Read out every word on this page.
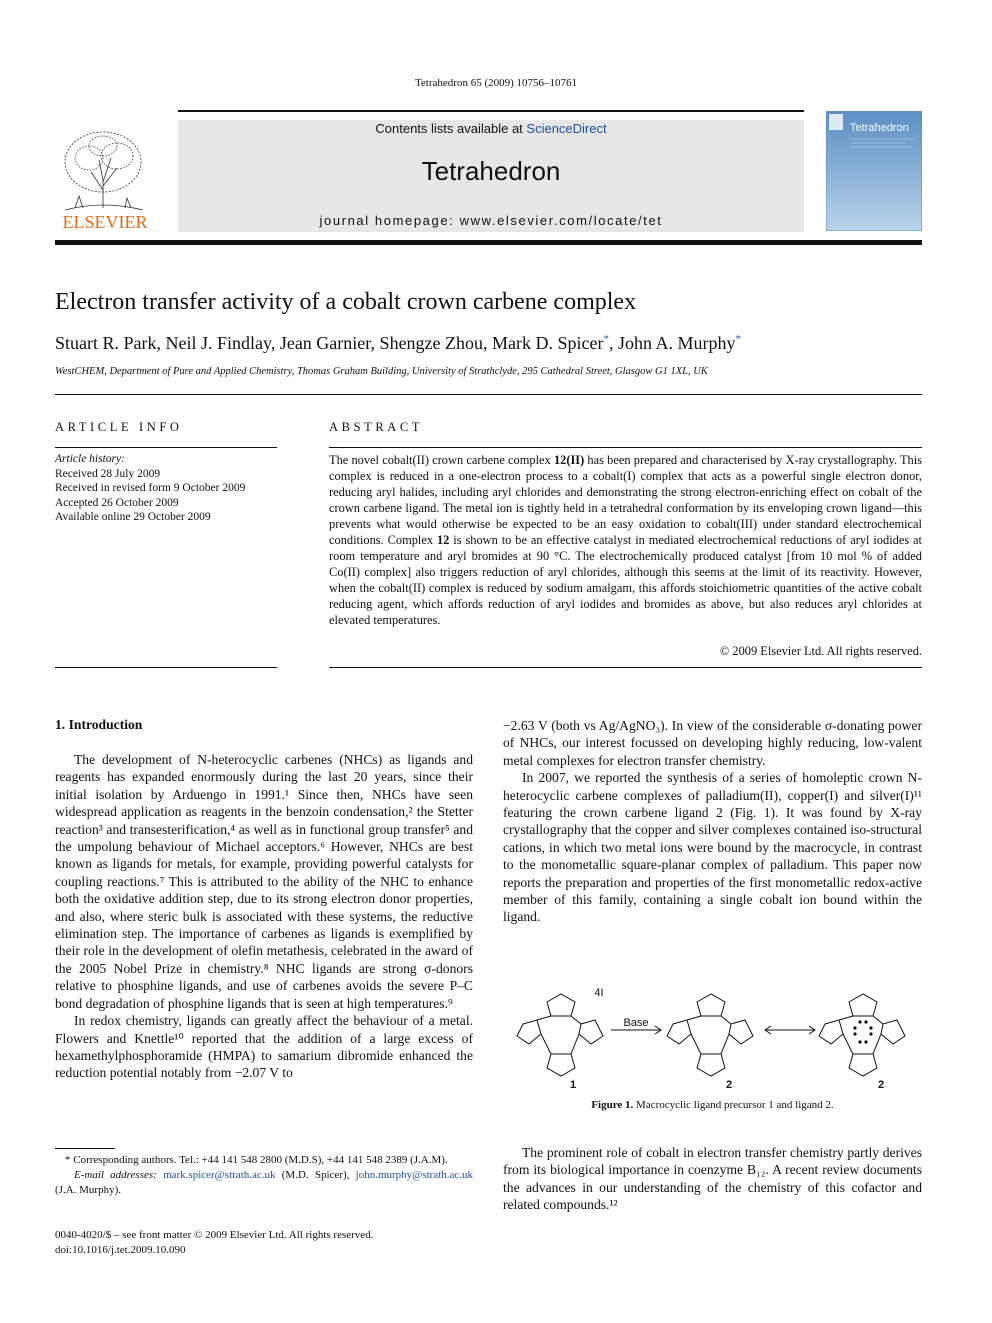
Tetrahedron 65 (2009) 10756–10761
ELSEVIER
Contents lists available at ScienceDirect
Tetrahedron
journal homepage: www.elsevier.com/locate/tet
Tetrahedron
Electron transfer activity of a cobalt crown carbene complex
Stuart R. Park, Neil J. Findlay, Jean Garnier, Shengze Zhou, Mark D. Spicer*, John A. Murphy*
WestCHEM, Department of Pure and Applied Chemistry, Thomas Graham Building, University of Strathclyde, 295 Cathedral Street, Glasgow G1 1XL, UK
ARTICLE INFO	ABSTRACT
Article history:
Received 28 July 2009
Received in revised form 9 October 2009
Accepted 26 October 2009
Available online 29 October 2009
The novel cobalt(II) crown carbene complex 12(II) has been prepared and characterised by X-ray crystallography. This complex is reduced in a one-electron process to a cobalt(I) complex that acts as a powerful single electron donor, reducing aryl halides, including aryl chlorides and demonstrating the strong electron-enriching effect on cobalt of the crown carbene ligand. The metal ion is tightly held in a tetrahedral conformation by its enveloping crown ligand—this prevents what would otherwise be expected to be an easy oxidation to cobalt(III) under standard electrochemical conditions. Complex 12 is shown to be an effective catalyst in mediated electrochemical reductions of aryl iodides at room temperature and aryl bromides at 90 °C. The electrochemically produced catalyst [from 10 mol % of added Co(II) complex] also triggers reduction of aryl chlorides, although this seems at the limit of its reactivity. However, when the cobalt(II) complex is reduced by sodium amalgam, this affords stoichiometric quantities of the active cobalt reducing agent, which affords reduction of aryl iodides and bromides as above, but also reduces aryl chlorides at elevated temperatures.
© 2009 Elsevier Ltd. All rights reserved.
1. Introduction

The development of N-heterocyclic carbenes (NHCs) as ligands and reagents has expanded enormously during the last 20 years, since their initial isolation by Arduengo in 1991.¹ Since then, NHCs have seen widespread application as reagents in the benzoin condensation,² the Stetter reaction³ and transesterification,⁴ as well as in functional group transfer⁵ and the umpolung behaviour of Michael acceptors.⁶ However, NHCs are best known as ligands for metals, for example, providing powerful catalysts for coupling reactions.⁷ This is attributed to the ability of the NHC to enhance both the oxidative addition step, due to its strong electron donor properties, and also, where steric bulk is associated with these systems, the reductive elimination step. The importance of carbenes as ligands is exemplified by their role in the development of olefin metathesis, celebrated in the award of the 2005 Nobel Prize in chemistry.⁸ NHC ligands are strong σ-donors relative to phosphine ligands, and use of carbenes avoids the severe P–C bond degradation of phosphine ligands that is seen at high temperatures.⁹

In redox chemistry, ligands can greatly affect the behaviour of a metal. Flowers and Knettle¹⁰ reported that the addition of a large excess of hexamethylphosphoramide (HMPA) to samarium dibromide enhanced the reduction potential notably from −2.07 V to

−2.63 V (both vs Ag/AgNO₃). In view of the considerable σ-donating power of NHCs, our interest focussed on developing highly reducing, low-valent metal complexes for electron transfer chemistry.

In 2007, we reported the synthesis of a series of homoleptic crown N-heterocyclic carbene complexes of palladium(II), copper(I) and silver(I)¹¹ featuring the crown carbene ligand 2 (Fig. 1). It was found by X-ray crystallography that the copper and silver complexes contained iso-structural cations, in which two metal ions were bound by the macrocycle, in contrast to the monometallic square-planar complex of palladium. This paper now reports the preparation and properties of the first monometallic redox-active member of this family, containing a single cobalt ion bound within the ligand.

Base
4I
1	2	2
Figure 1. Macrocyclic ligand precursor 1 and ligand 2.

The prominent role of cobalt in electron transfer chemistry partly derives from its biological importance in coenzyme B₁₂. A recent review documents the advances in our understanding of the chemistry of this cofactor and related compounds.¹²

* Corresponding authors. Tel.: +44 141 548 2800 (M.D.S), +44 141 548 2389 (J.A.M).
E-mail addresses: mark.spicer@strath.ac.uk (M.D. Spicer), john.murphy@strath.ac.uk (J.A. Murphy).
0040-4020/$ – see front matter © 2009 Elsevier Ltd. All rights reserved.
doi:10.1016/j.tet.2009.10.090
